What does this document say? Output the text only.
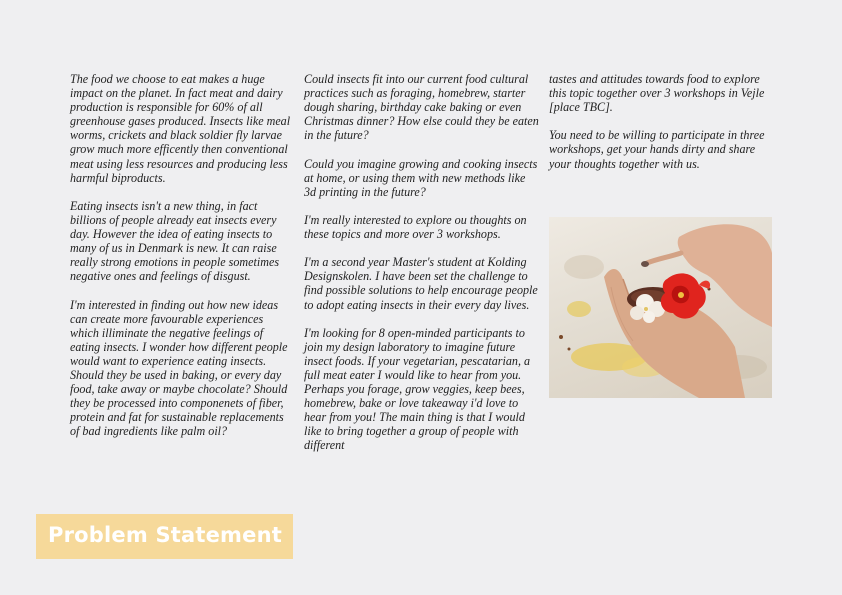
The food we choose to eat makes a huge impact on the planet. In fact meat and dairy production is responsible for 60% of all greenhouse gases produced. Insects like meal worms, crickets and black soldier fly larvae grow much more efficently then conventional meat using less resources and producing less harmful biproducts.

Eating insects isn't a new thing, in fact billions of people already eat insects every day. However the idea of eating insects to many of us in Denmark is new. It can raise really strong emotions in people sometimes negative ones and feelings of disgust.

I'm interested in finding out how new ideas can create more favourable experiences which illiminate the negative feelings of eating insects. I wonder how different people would want to experience eating insects. Should they be used in baking, or every day food, take away or maybe chocolate? Should they be processed into componenets of fiber, protein and fat for sustainable replacements of bad ingredients like palm oil?

Could insects fit into our current food cultural practices such as foraging, homebrew, starter dough sharing, birthday cake baking or even Christmas dinner? How else could they be eaten in the future?

Could you imagine growing and cooking insects at home, or using them with new methods like 3d printing in the future?

I'm really interested to explore ou thoughts on these topics and more over 3 workshops.

I'm a second year Master's student at Kolding Designskolen. I have been set the challenge to find possible solutions to help encourage people to adopt eating insects in their every day lives.

I'm looking for 8 open-minded participants to join my design laboratory to imagine future insect foods. If your vegetarian, pescatarian, a full meat eater I would like to hear from you. Perhaps you forage, grow veggies, keep bees, homebrew, bake or love takeaway i'd love to hear from you! The main thing is that I would like to bring together a group of people with different

tastes and attitudes towards food to explore this topic together over 3 workshops in Vejle [place TBC].

You need to be willing to participate in three workshops, get your hands dirty and share your thoughts together with us.

Problem Statement
